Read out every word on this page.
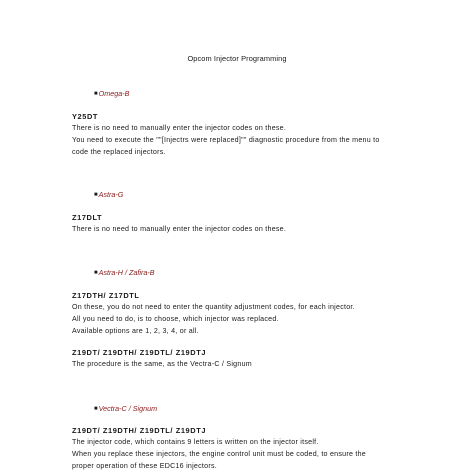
Opcom Injector Programming
■Omega-B
Y25DT
There is no need to manually enter the injector codes on these.
You need to execute the ""[Injectrs were replaced]"" diagnostic procedure from the menu to
code the replaced injectors.
■Astra-G
Z17DLT
There is no need to manually enter the injector codes on these.
■Astra-H / Zafira-B
Z17DTH/ Z17DTL
On these, you do not need to enter the quantity adjustment codes, for each injector.
All you need to do, is to choose, which injector was replaced.
Available options are 1, 2, 3, 4, or all.
Z19DT/ Z19DTH/ Z19DTL/ Z19DTJ
The procedure is the same, as the Vectra-C / Signum
■Vectra-C / Signum
Z19DT/ Z19DTH/ Z19DTL/ Z19DTJ
The injector code, which contains 9 letters is written on the injector itself.
When you replace these injectors, the engine control unit must be coded, to ensure the
proper operation of these EDC16 injectors.
